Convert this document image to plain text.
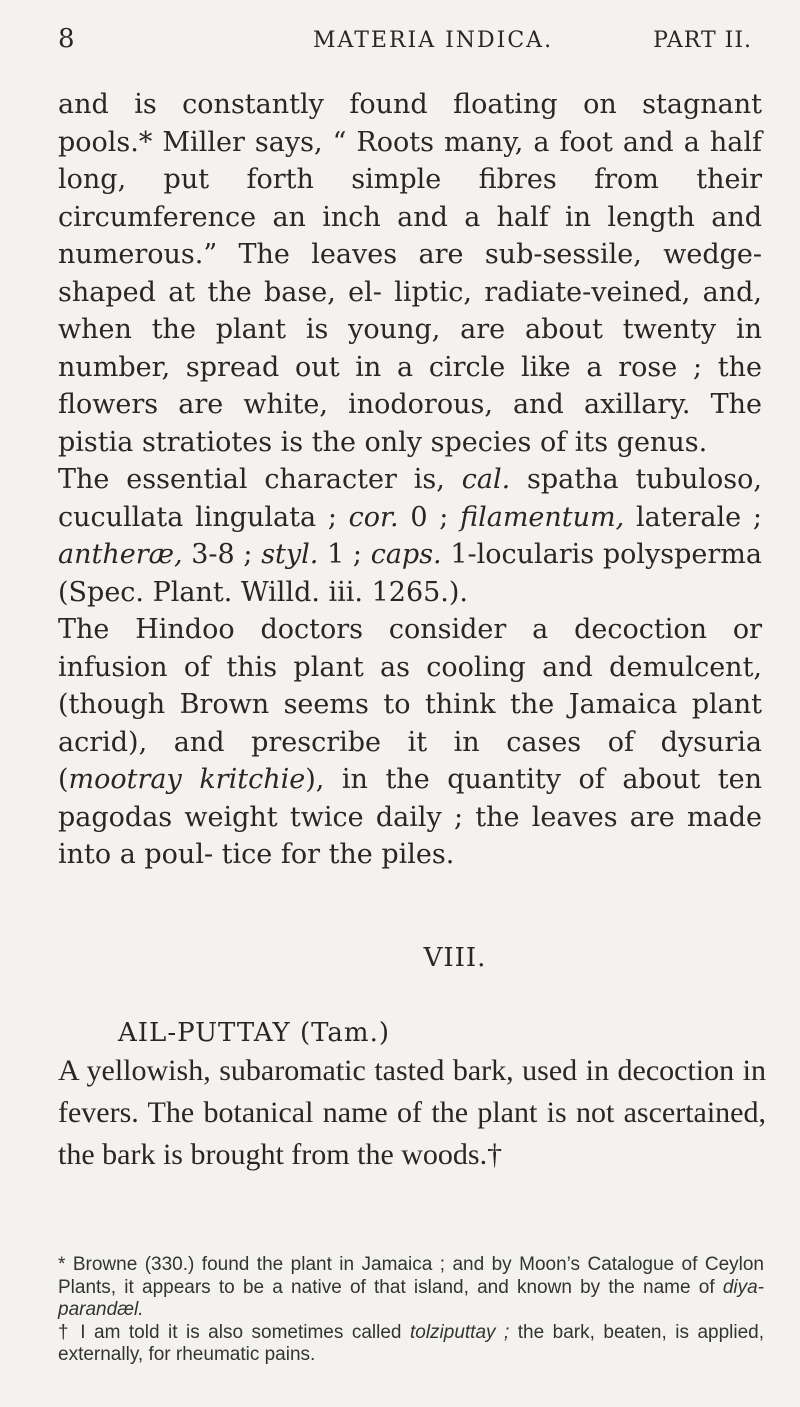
8	MATERIA INDICA.	PART II.

and is constantly found floating on stagnant pools.* Miller says, “ Roots many, a foot and a half long, put forth simple fibres from their circumference an inch and a half in length and numerous.” The leaves are sub-sessile, wedge-shaped at the base, el- liptic, radiate-veined, and, when the plant is young, are about twenty in number, spread out in a circle like a rose ; the flowers are white, inodorous, and axillary. The pistia stratiotes is the only species of its genus.

The essential character is, cal. spatha tubuloso, cucullata lingulata ; cor. 0 ; filamentum, laterale ; antheræ, 3-8 ; styl. 1 ; caps. 1-locularis polysperma (Spec. Plant. Willd. iii. 1265.).

The Hindoo doctors consider a decoction or infusion of this plant as cooling and demulcent, (though Brown seems to think the Jamaica plant acrid), and prescribe it in cases of dysuria (mootray kritchie), in the quantity of about ten pagodas weight twice daily ; the leaves are made into a poul- tice for the piles.

VIII.
AIL-PUTTAY (Tam.)
A yellowish, subaromatic tasted bark, used in decoction in fevers. The botanical name of the plant is not ascertained, the bark is brought from the woods.†

* Browne (330.) found the plant in Jamaica ; and by Moon’s Catalogue of Ceylon Plants, it appears to be a native of that island, and known by the name of diya-parandæl.

† I am told it is also sometimes called tolziputtay ; the bark, beaten, is applied, externally, for rheumatic pains.
